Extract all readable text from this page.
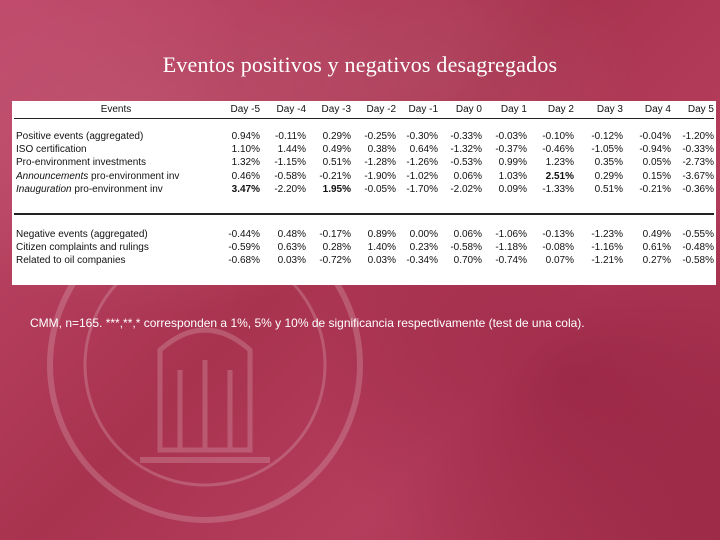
Eventos positivos y negativos desagregados
Events	Day -5	Day -4	Day -3	Day -2	Day -1	Day 0	Day 1	Day 2	Day 3	Day 4	Day 5
Positive events (aggregated)	0.94%	-0.11%	0.29%	-0.25%	-0.30%	-0.33%	-0.03%	-0.10%	-0.12%	-0.04%	-1.20%
ISO certification	1.10%	1.44%	0.49%	0.38%	0.64%	-1.32%	-0.37%	-0.46%	-1.05%	-0.94%	-0.33%
Pro-environment investments	1.32%	-1.15%	0.51%	-1.28%	-1.26%	-0.53%	0.99%	1.23%	0.35%	0.05%	-2.73%
Announcements pro-environment inv	0.46%	-0.58%	-0.21%	-1.90%	-1.02%	0.06%	1.03%	2.51%	0.29%	0.15%	-3.67%
Inauguration pro-environment inv	3.47%	-2.20%	1.95%	-0.05%	-1.70%	-2.02%	0.09%	-1.33%	0.51%	-0.21%	-0.36%
Negative events (aggregated)	-0.44%	0.48%	-0.17%	0.89%	0.00%	0.06%	-1.06%	-0.13%	-1.23%	0.49%	-0.55%
Citizen complaints and rulings	-0.59%	0.63%	0.28%	1.40%	0.23%	-0.58%	-1.18%	-0.08%	-1.16%	0.61%	-0.48%
Related to oil companies	-0.68%	0.03%	-0.72%	0.03%	-0.34%	0.70%	-0.74%	0.07%	-1.21%	0.27%	-0.58%
CMM, n=165. ***,**,* corresponden a 1%, 5% y 10% de significancia respectivamente (test de una cola).
